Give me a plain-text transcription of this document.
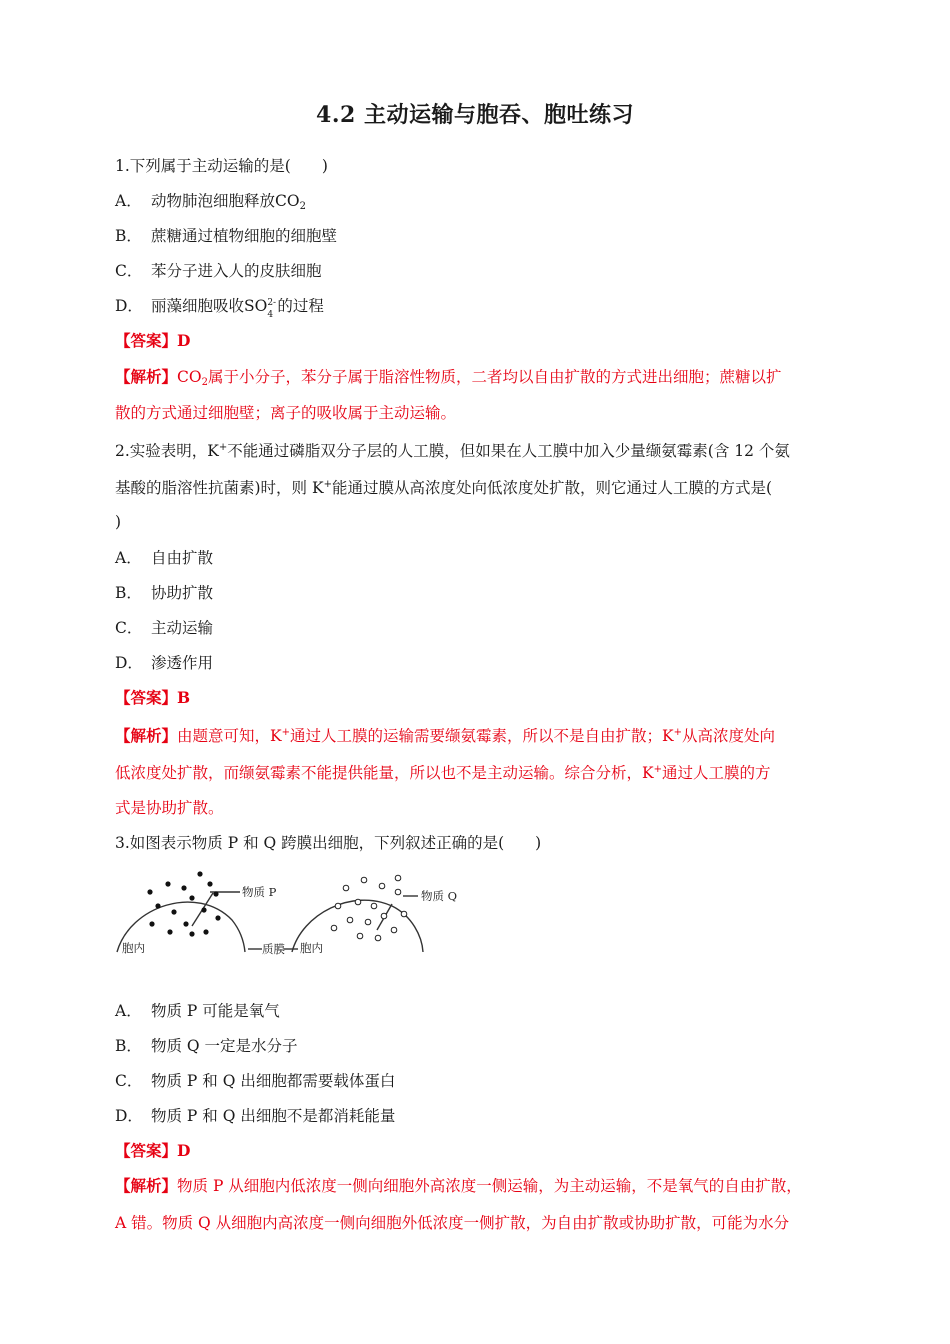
4.2 主动运输与胞吞、胞吐练习
1.下列属于主动运输的是(　　)
A． 动物肺泡细胞释放$CO_2$
B． 蔗糖通过植物细胞的细胞壁
C． 苯分子进入人的皮肤细胞
D． 丽藻细胞吸收SO 2-
4 的过程
【答案】D
【解析】$CO_2$属于小分子，苯分子属于脂溶性物质，二者均以自由扩散的方式进出细胞；蔗糖以扩
散的方式通过细胞壁；离子的吸收属于主动运输。
2.实验表明，K+不能通过磷脂双分子层的人工膜，但如果在人工膜中加入少量缬氨霉素(含 12 个氨
基酸的脂溶性抗菌素)时，则 K+能通过膜从高浓度处向低浓度处扩散，则它通过人工膜的方式是(
)
A． 自由扩散
B． 协助扩散
C． 主动运输
D． 渗透作用
【答案】B
【解析】由题意可知，K+通过人工膜的运输需要缬氨霉素，所以不是自由扩散；K+从高浓度处向
低浓度处扩散，而缬氨霉素不能提供能量，所以也不是主动运输。综合分析，K+通过人工膜的方
式是协助扩散。
3.如图表示物质 P 和 Q 跨膜出细胞，下列叙述正确的是(　　)
物质 P	物质 Q
胞内	质膜 胞内
A． 物质 P 可能是氧气
B． 物质 Q 一定是水分子
C． 物质 P 和 Q 出细胞都需要载体蛋白
D． 物质 P 和 Q 出细胞不是都消耗能量
【答案】D
【解析】物质 P 从细胞内低浓度一侧向细胞外高浓度一侧运输，为主动运输，不是氧气的自由扩散，
A 错。物质 Q 从细胞内高浓度一侧向细胞外低浓度一侧扩散，为自由扩散或协助扩散，可能为水分
